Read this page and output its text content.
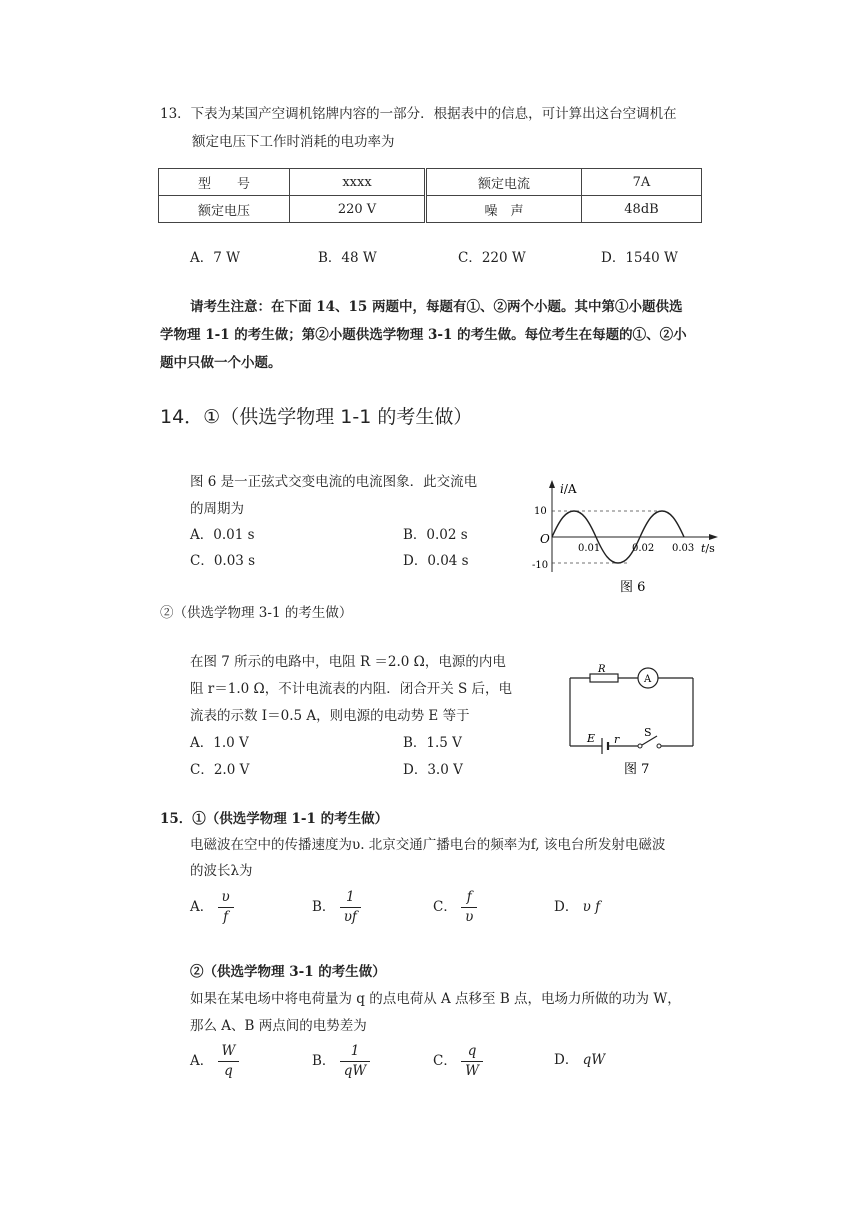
13．下表为某国产空调机铭牌内容的一部分．根据表中的信息，可计算出这台空调机在
额定电压下工作时消耗的电功率为
型　　号	xxxx	额定电流	7A
额定电压	220 V	噪　声	48dB
A．7 W	B．48 W	C．220 W	D．1540 W
请考生注意：在下面 14、15 两题中，每题有①、②两个小题。其中第①小题供选
学物理 1-1 的考生做；第②小题供选学物理 3-1 的考生做。每位考生在每题的①、②小
题中只做一个小题。
14．①（供选学物理 1-1 的考生做）
图 6 是一正弦式交变电流的电流图象．此交流电
的周期为
A．0.01 s	B．0.02 s
C．0.03 s	D．0.04 s
i/A
10
-10
O
0.01	0.02 0.03 t/s
图 6
②（供选学物理 3-1 的考生做）
在图 7 所示的电路中，电阻 R ＝2.0 Ω，电源的内电
阻 r＝1.0 Ω，不计电流表的内阻．闭合开关 S 后，电
流表的示数 I＝0.5 A，则电源的电动势 E 等于
A．1.0 V	B．1.5 V
C．2.0 V	D．3.0 V
R
A
E r
S
图 7
15．①（供选学物理 1-1 的考生做）
电磁波在空中的传播速度为υ. 北京交通广播电台的频率为f, 该电台所发射电磁波
的波长λ为
A． $\frac{\upsilon}{f}$	B． $\frac{1}{\upsilon f}$	C． $\frac{f}{\upsilon}$	D． υ f
②（供选学物理 3-1 的考生做）
如果在某电场中将电荷量为 q 的点电荷从 A 点移至 B 点，电场力所做的功为 W，
那么 A、B 两点间的电势差为
A． $\frac{W}{q}$	B． $\frac{1}{qW}$	C． $\frac{q}{W}$	D． qW
